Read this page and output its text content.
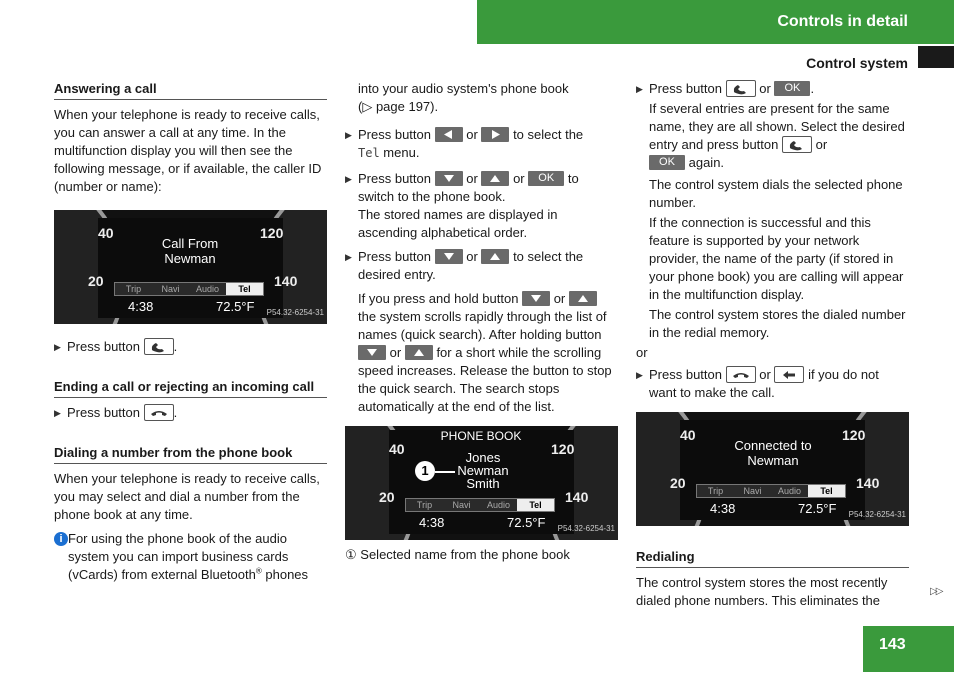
Controls in detail
Control system
Answering a call

When your telephone is ready to receive calls, you can answer a call at any time. In the multifunction display you will then see the following message, or if available, the caller ID (number or name):

40
20
120
140
Call From
Newman
Trip	Navi	Audio	Tel
4:38	72.5°F P54.32-6254-31
▶ Press button	.
Ending a call or rejecting an incoming call
▶ Press button	.
Dialing a number from the phone book

When your telephone is ready to receive calls, you may select and dial a number from the phone book at any time.

i For using the phone book of the audio system you can import business cards (vCards) from external Bluetooth® phones
into your audio system's phone book
(▷ page 197).
▶ Press button	or	to select the
Tel menu.
▶ Press button	or	or OK to
switch to the phone book.
The stored names are displayed in ascending alphabetical order.
▶ Press button	or	to select the desired entry.
If you press and hold button	or
the system scrolls rapidly through the list of names (quick search). After holding button
or	for a short while the scrolling speed increases. Release the button to stop the quick search. The search stops automatically at the end of the list.
40
20
120
140
PHONE BOOK
Jones
Newman
Smith
1
Trip	Navi	Audio	Tel
4:38	72.5°F P54.32-6254-31
① Selected name from the phone book
▶ Press button	or OK .
If several entries are present for the same name, they are all shown. Select the desired entry and press button	or
OK again.
The control system dials the selected phone number.
If the connection is successful and this feature is supported by your network provider, the name of the party (if stored in your phone book) you are calling will appear in the multifunction display.
The control system stores the dialed number in the redial memory.
or
▶ Press button	or	if you do not want to make the call.
40
20
120
140
Connected to
Newman
Trip	Navi	Audio	Tel
4:38	72.5°F P54.32-6254-31
Redialing

The control system stores the most recently dialed phone numbers. This eliminates the

▷▷
143
